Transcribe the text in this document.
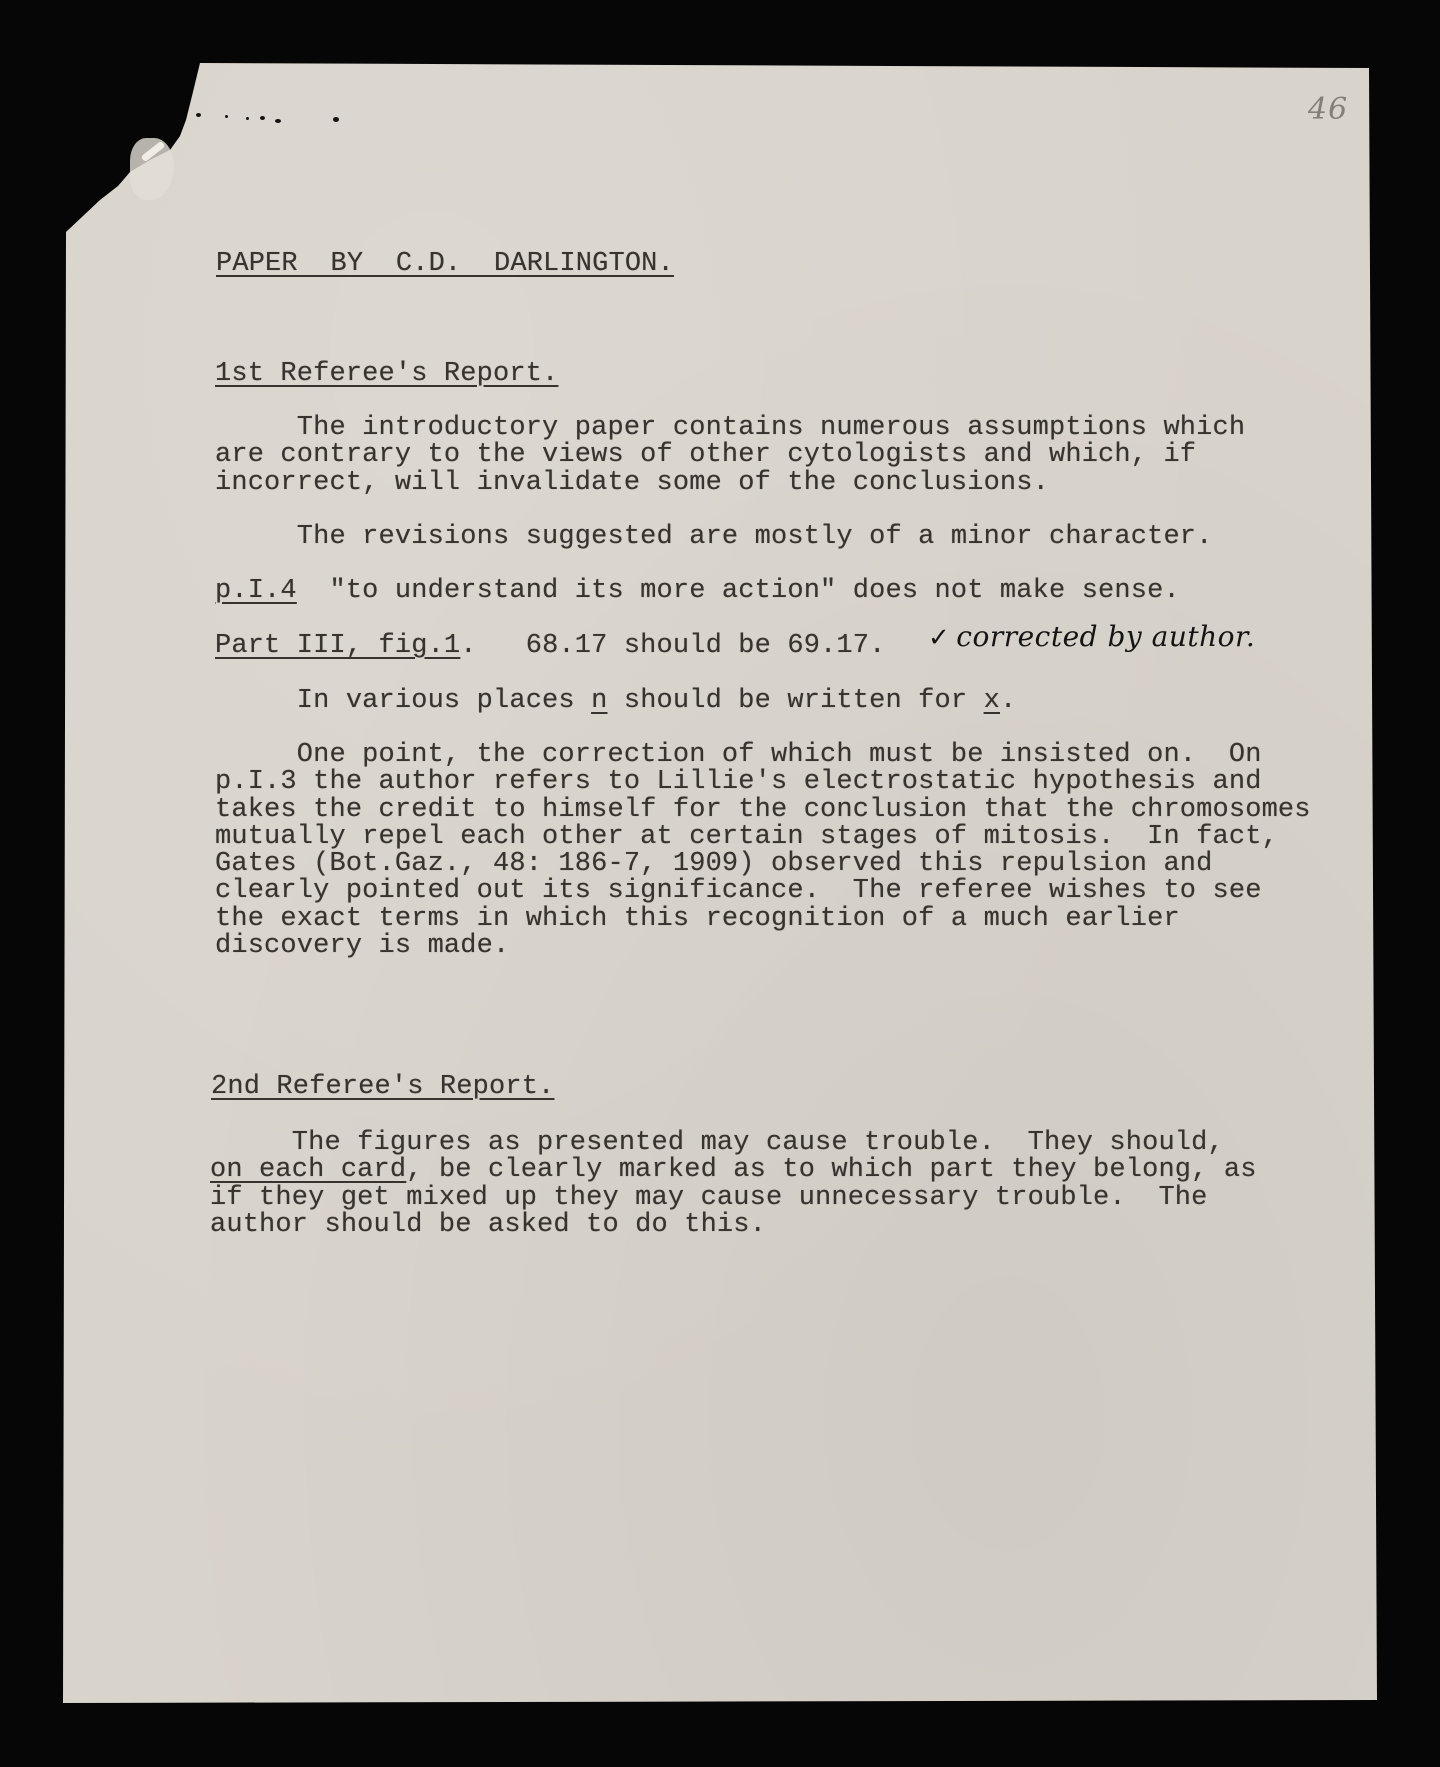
46

PAPER  BY  C.D.  DARLINGTON.

1st Referee's Report.

The introductory paper contains numerous assumptions which
are contrary to the views of other cytologists and which, if
incorrect, will invalidate some of the conclusions.

The revisions suggested are mostly of a minor character.

p.I.4  "to understand its more action" does not make sense.

Part III, fig.1.   68.17 should be 69.17. ✓ corrected by author.

In various places n should be written for x.

One point, the correction of which must be insisted on.  On
p.I.3 the author refers to Lillie's electrostatic hypothesis and
takes the credit to himself for the conclusion that the chromosomes
mutually repel each other at certain stages of mitosis.  In fact,
Gates (Bot.Gaz., 48: 186-7, 1909) observed this repulsion and
clearly pointed out its significance.  The referee wishes to see
the exact terms in which this recognition of a much earlier
discovery is made.

2nd Referee's Report.

The figures as presented may cause trouble.  They should,
on each card, be clearly marked as to which part they belong, as
if they get mixed up they may cause unnecessary trouble.  The
author should be asked to do this.
